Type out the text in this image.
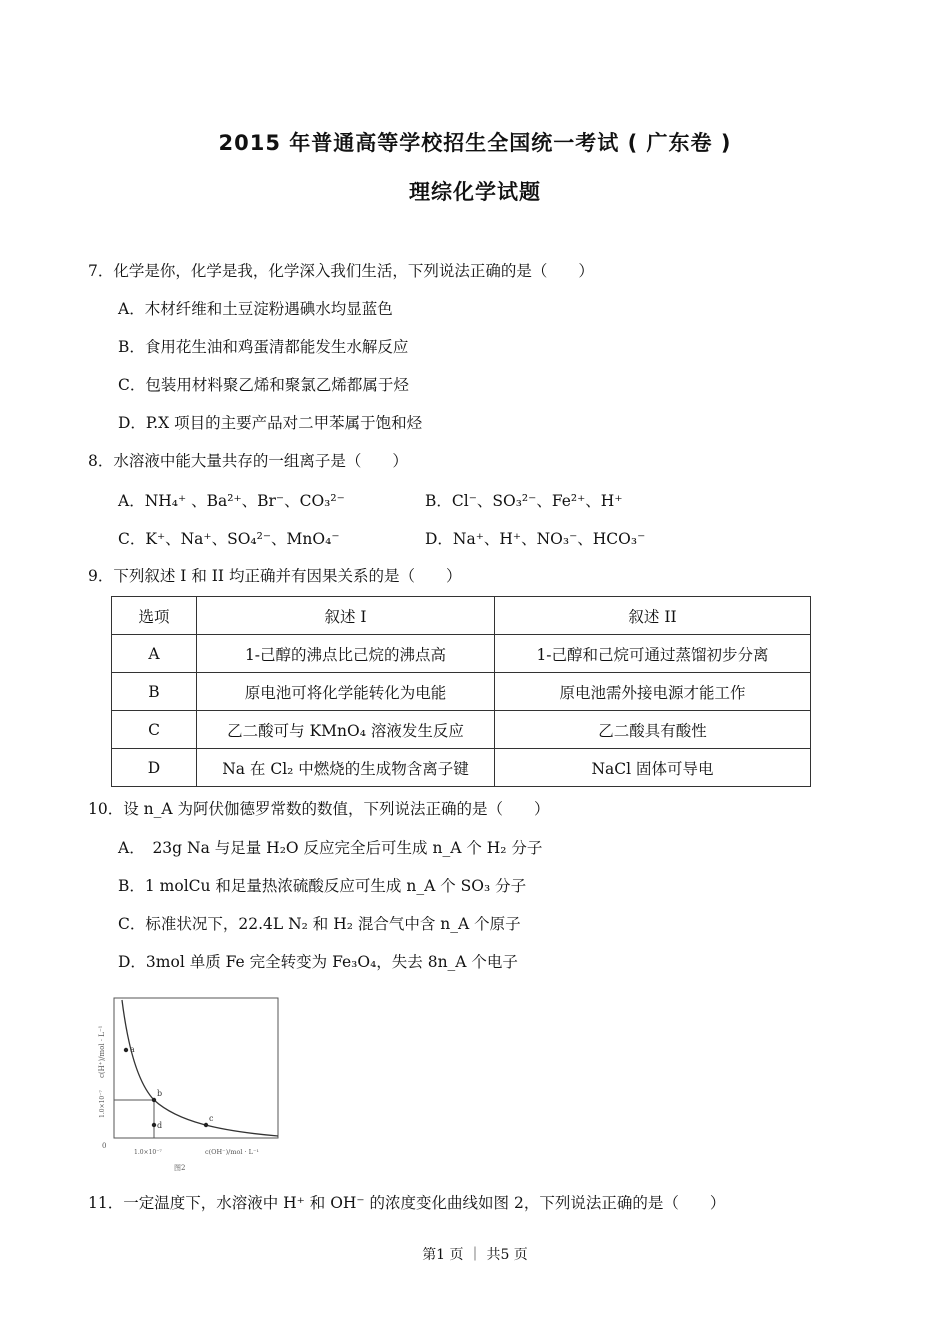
2015 年普通高等学校招生全国统一考试 ( 广东卷 )
理综化学试题
7．化学是你，化学是我，化学深入我们生活，下列说法正确的是（　　）
A．木材纤维和土豆淀粉遇碘水均显蓝色
B．食用花生油和鸡蛋清都能发生水解反应
C．包装用材料聚乙烯和聚氯乙烯都属于烃
D．P.X 项目的主要产品对二甲苯属于饱和烃
8．水溶液中能大量共存的一组离子是（　　）
A．NH₄⁺ 、Ba²⁺、Br⁻、CO₃²⁻	B．Cl⁻、SO₃²⁻、Fe²⁺、H⁺
C．K⁺、Na⁺、SO₄²⁻、MnO₄⁻	D．Na⁺、H⁺、NO₃⁻、HCO₃⁻
9．下列叙述 I 和 II 均正确并有因果关系的是（　　）
选项	叙述 I	叙述 II
A	1-己醇的沸点比己烷的沸点高	1-己醇和己烷可通过蒸馏初步分离
B	原电池可将化学能转化为电能	原电池需外接电源才能工作
C	乙二酸可与 KMnO₄ 溶液发生反应	乙二酸具有酸性
D	Na 在 Cl₂ 中燃烧的生成物含离子键	NaCl 固体可导电
10．设 n_A 为阿伏伽德罗常数的数值，下列说法正确的是（　　）
A．　23g Na 与足量 H₂O 反应完全后可生成 n_A 个 H₂ 分子
B．1 molCu 和足量热浓硫酸反应可生成 n_A 个 SO₃ 分子
C．标准状况下，22.4L N₂ 和 H₂ 混合气中含 n_A 个原子
D．3mol 单质 Fe 完全转变为 Fe₃O₄，失去 8n_A 个电子
a
b
c
d
c(H⁺)/mol · L⁻¹
1.0×10⁻⁷
0
1.0×10⁻⁷	c(OH⁻)/mol · L⁻¹
图2
11．一定温度下，水溶液中 H⁺ 和 OH⁻ 的浓度变化曲线如图 2，下列说法正确的是（　　）
第1 页 ｜ 共5 页
